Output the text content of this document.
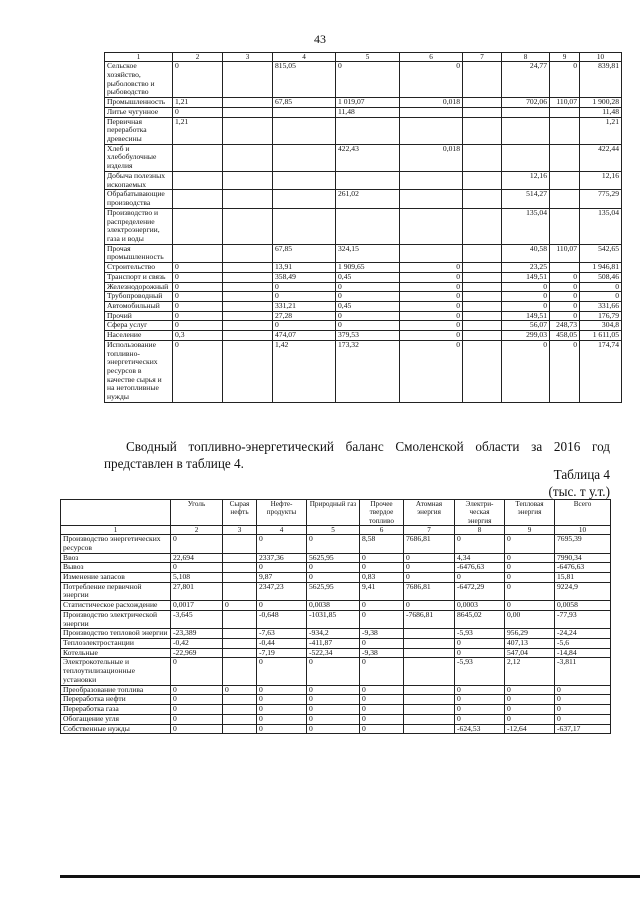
43
1	2	3	4	5	6	7	8	9	10
Сельское хозяйство, рыболовство и рыбоводство	0		815,05	0	0		24,77	0	839,81
Промышленность	1,21		67,85	1 019,07	0,018		702,06	110,07	1 900,28
Литье чугунное	0			11,48					11,48
Первичная переработка древесины	1,21								1,21
Хлеб и хлебобулочные изделия				422,43	0,018				422,44
Добыча полезных ископаемых							12,16		12,16
Обрабатывающие производства				261,02			514,27		775,29
Производство и распределение электроэнергии, газа и воды							135,04		135,04
Прочая промышленность			67,85	324,15			40,58	110,07	542,65
Строительство	0		13,91	1 909,65	0		23,25		1 946,81
Транспорт и связь	0		358,49	0,45	0		149,51	0	508,46
Железнодорожный	0		0	0	0		0	0	0
Трубопроводный	0		0	0	0		0	0	0
Автомобильный	0		331,21	0,45	0		0	0	331,66
Прочий	0		27,28	0	0		149,51	0	176,79
Сфера услуг	0		0	0	0		56,07	248,73	304,8
Население	0,3		474,07	379,53	0		299,03	458,05	1 611,05
Использование топливно-энергетических ресурсов в качестве сырья и на нетопливные нужды	0		1,42	173,32	0		0	0	174,74
Сводный топливно-энергетический баланс Смоленской области за 2016 год представлен в таблице 4.
Таблица 4
(тыс. т у.т.)
	Уголь	Сырая нефть	Нефте-продукты	Природный газ	Прочее твердое топливо	Атомная энергия	Электри-ческая энергия	Тепловая энергия	Всего
1	2	3	4	5	6	7	8	9	10
Производство энергетических ресурсов	0		0	0	8,58	7686,81	0	0	7695,39
Ввоз	22,694		2337,36	5625,95	0	0	4,34	0	7990,34
Вывоз	0		0	0	0	0	-6476,63	0	-6476,63
Изменение запасов	5,108		9,87	0	0,83	0	0	0	15,81
Потребление первичной энергии	27,801		2347,23	5625,95	9,41	7686,81	-6472,29	0	9224,9
Статистическое расхождение	0,0017	0	0	0,0038	0	0	0,0003	0	0,0058
Производство электрической энергии	-3,645		-0,648	-1031,85	0	-7686,81	8645,02	0,00	-77,93
Производство тепловой энергии	-23,389		-7,63	-934,2	-9,38		-5,93	956,29	-24,24
Теплоэлектростанции	-0,42		-0,44	-411,87	0		0	407,13	-5,6
Котельные	-22,969		-7,19	-522,34	-9,38		0	547,04	-14,84
Электрокотельные и теплоутилизационные установки	0		0	0	0		-5,93	2,12	-3,811
Преобразование топлива	0	0	0	0	0		0	0	0
Переработка нефти	0		0	0	0		0	0	0
Переработка газа	0		0	0	0		0	0	0
Обогащение угля	0		0	0	0		0	0	0
Собственные нужды	0		0	0	0		-624,53	-12,64	-637,17
